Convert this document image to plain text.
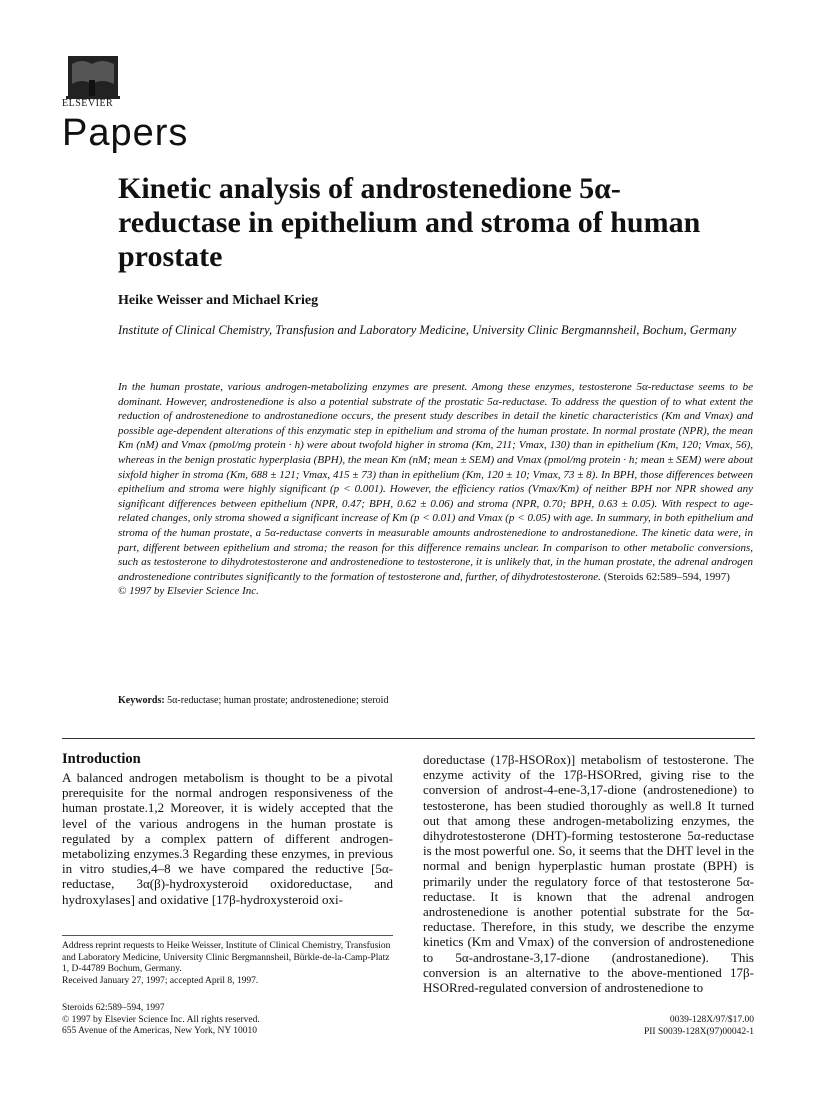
ELSEVIER
Papers
Kinetic analysis of androstenedione 5α-reductase in epithelium and stroma of human prostate
Heike Weisser and Michael Krieg
Institute of Clinical Chemistry, Transfusion and Laboratory Medicine, University Clinic Bergmannsheil, Bochum, Germany
In the human prostate, various androgen-metabolizing enzymes are present. Among these enzymes, testosterone 5α-reductase seems to be dominant. However, androstenedione is also a potential substrate of the prostatic 5α-reductase. To address the question of to what extent the reduction of androstenedione to androstanedione occurs, the present study describes in detail the kinetic characteristics (Km and Vmax) and possible age-dependent alterations of this enzymatic step in epithelium and stroma of the human prostate. In normal prostate (NPR), the mean Km (nM) and Vmax (pmol/mg protein · h) were about twofold higher in stroma (Km, 211; Vmax, 130) than in epithelium (Km, 120; Vmax, 56), whereas in the benign prostatic hyperplasia (BPH), the mean Km (nM; mean ± SEM) and Vmax (pmol/mg protein · h; mean ± SEM) were about sixfold higher in stroma (Km, 688 ± 121; Vmax, 415 ± 73) than in epithelium (Km, 120 ± 10; Vmax, 73 ± 8). In BPH, those differences between epithelium and stroma were highly significant (p < 0.001). However, the efficiency ratios (Vmax/Km) of neither BPH nor NPR showed any significant differences between epithelium (NPR, 0.47; BPH, 0.62 ± 0.06) and stroma (NPR, 0.70; BPH, 0.63 ± 0.05). With respect to age-related changes, only stroma showed a significant increase of Km (p < 0.01) and Vmax (p < 0.05) with age. In summary, in both epithelium and stroma of the human prostate, a 5α-reductase converts in measurable amounts androstenedione to androstanedione. The kinetic data were, in part, different between epithelium and stroma; the reason for this difference remains unclear. In comparison to other metabolic conversions, such as testosterone to dihydrotestosterone and androstenedione to testosterone, it is unlikely that, in the human prostate, the adrenal androgen androstenedione contributes significantly to the formation of testosterone and, further, of dihydrotestosterone. (Steroids 62:589–594, 1997)
© 1997 by Elsevier Science Inc.
Keywords: 5α-reductase; human prostate; androstenedione; steroid
Introduction
A balanced androgen metabolism is thought to be a pivotal prerequisite for the normal androgen responsiveness of the human prostate.1,2 Moreover, it is widely accepted that the level of the various androgens in the human prostate is regulated by a complex pattern of different androgen-metabolizing enzymes.3 Regarding these enzymes, in previous in vitro studies,4–8 we have compared the reductive [5α-reductase, 3α(β)-hydroxysteroid oxidoreductase, and hydroxylases] and oxidative [17β-hydroxysteroid oxi-
doreductase (17β-HSORox)] metabolism of testosterone. The enzyme activity of the 17β-HSORred, giving rise to the conversion of androst-4-ene-3,17-dione (androstenedione) to testosterone, has been studied thoroughly as well.8 It turned out that among these androgen-metabolizing enzymes, the dihydrotestosterone (DHT)-forming testosterone 5α-reductase is the most powerful one. So, it seems that the DHT level in the normal and benign hyperplastic human prostate (BPH) is primarily under the regulatory force of that testosterone 5α-reductase. It is known that the adrenal androgen androstenedione is another potential substrate for the 5α-reductase. Therefore, in this study, we describe the enzyme kinetics (Km and Vmax) of the conversion of androstenedione to 5α-androstane-3,17-dione (androstanedione). This conversion is an alternative to the above-mentioned 17β-HSORred-regulated conversion of androstenedione to
Address reprint requests to Heike Weisser, Institute of Clinical Chemistry, Transfusion and Laboratory Medicine, University Clinic Bergmannsheil, Bürkle-de-la-Camp-Platz 1, D-44789 Bochum, Germany.
Received January 27, 1997; accepted April 8, 1997.
Steroids 62:589–594, 1997
© 1997 by Elsevier Science Inc. All rights reserved.
655 Avenue of the Americas, New York, NY 10010
0039-128X/97/$17.00
PII S0039-128X(97)00042-1
